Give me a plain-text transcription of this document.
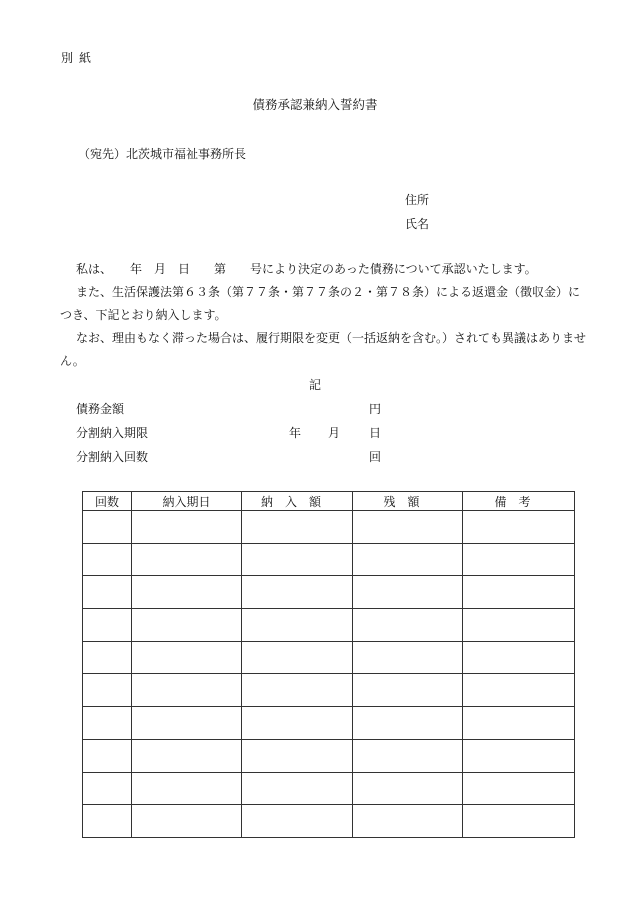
別紙
債務承認兼納入誓約書
（宛先）北茨城市福祉事務所長
住所
氏名
私は、　　年　月　日　　第　　号により決定のあった債務について承認いたします。
また、生活保護法第６３条（第７７条・第７７条の２・第７８条）による返還金（徴収金）につき、下記とおり納入します。
なお、理由もなく滞った場合は、履行期限を変更（一括返納を含む。）されても異議はありません。
記
債務金額	円
分割納入期限	年 月 日
分割納入回数	回
回数	納入期日	納入額	残額	備考
